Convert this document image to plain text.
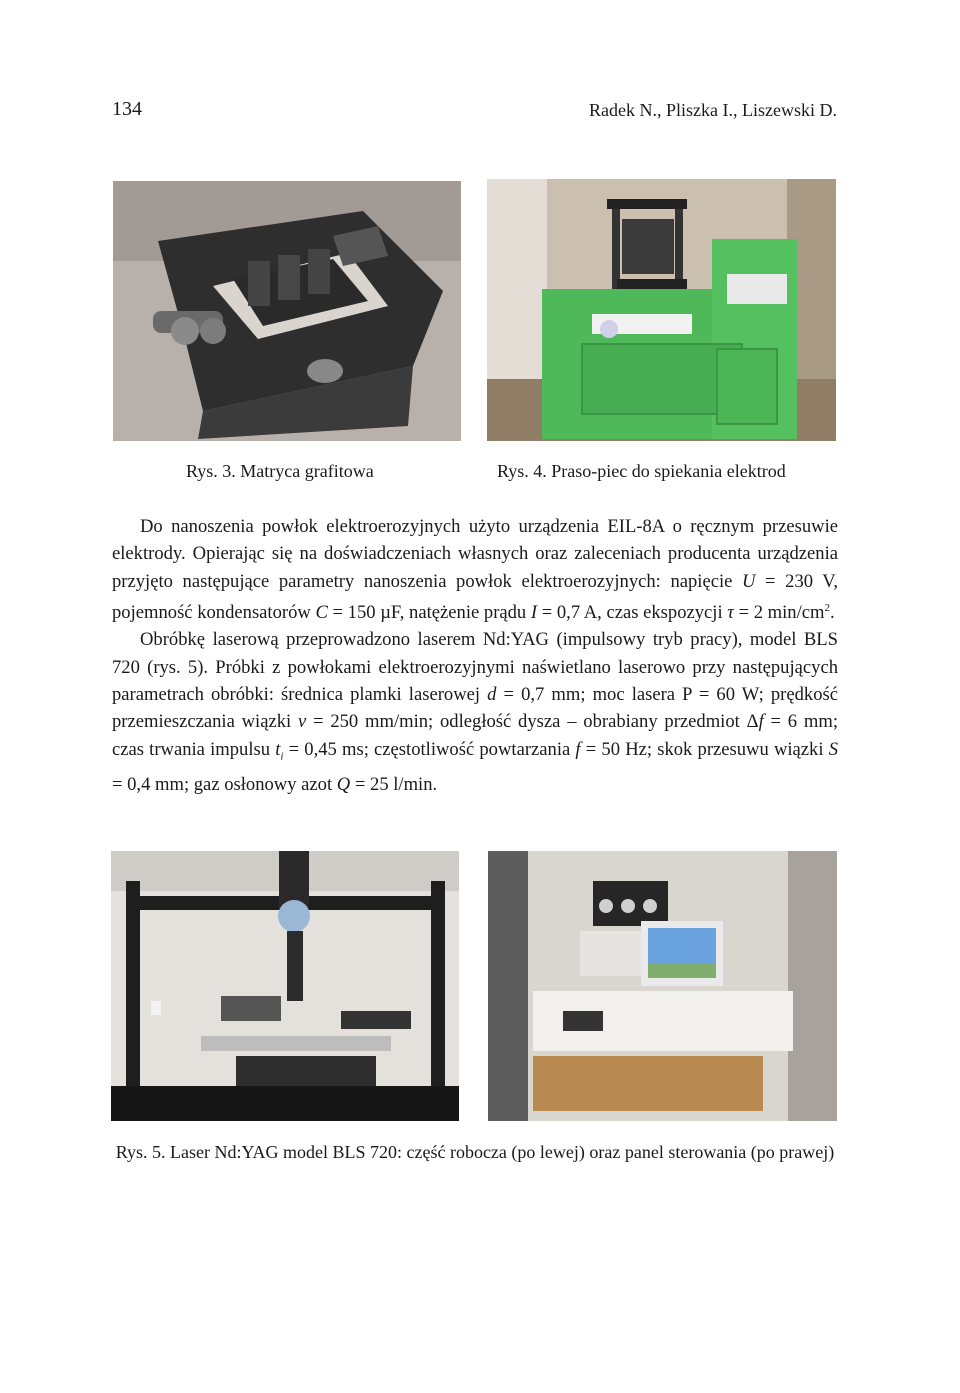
134	Radek N., Pliszka I., Liszewski D.
Rys. 3. Matryca grafitowa	Rys. 4. Praso-piec do spiekania elektrod

Do nanoszenia powłok elektroerozyjnych użyto urządzenia EIL-8A o ręcznym przesuwie elektrody. Opierając się na doświadczeniach własnych oraz zaleceniach producenta urządzenia przyjęto następujące parametry nanoszenia powłok elektroerozyjnych: napięcie U = 230 V, pojemność kondensatorów C = 150 µF, natężenie prądu I = 0,7 A, czas ekspozycji τ = 2 $\min/cm^2$.

Obróbkę laserową przeprowadzono laserem Nd:YAG (impulsowy tryb pracy), model BLS 720 (rys. 5). Próbki z powłokami elektroerozyjnymi naświetlano laserowo przy następujących parametrach obróbki: średnica plamki laserowej d = 0,7 mm; moc lasera P = 60 W; prędkość przemieszczania wiązki v = 250 mm/min; odległość dysza – obrabiany przedmiot Δf = 6 mm; czas trwania impulsu $t_i = 0,45$ ms; częstotliwość powtarzania f = 50 Hz; skok przesuwu wiązki S = 0,4 mm; gaz osłonowy azot Q = 25 l/min.

Rys. 5. Laser Nd:YAG model BLS 720: część robocza (po lewej) oraz panel sterowania (po prawej)
